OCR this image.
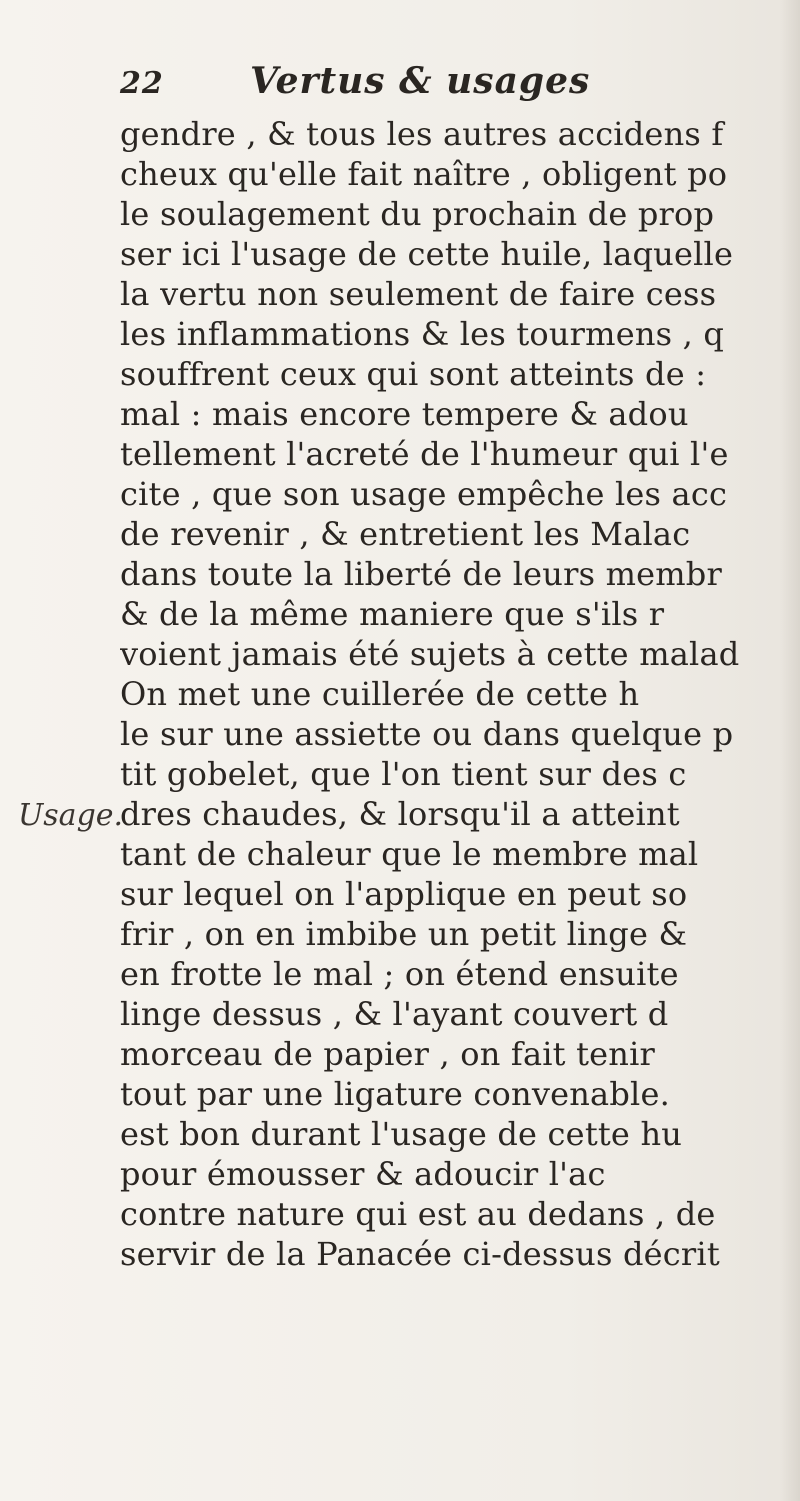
22 Vertus & usages
Usage.
gendre , & tous les autres accidens f
cheux qu'elle fait naître , obligent po
le soulagement du prochain de prop
ser ici l'usage de cette huile, laquelle
la vertu non seulement de faire cess
les inflammations & les tourmens , q
souffrent ceux qui sont atteints de :
mal : mais encore tempere & adou
tellement l'acreté de l'humeur qui l'e
cite , que son usage empêche les acc
de revenir , & entretient les Malac
dans toute la liberté de leurs membr
& de la même maniere que s'ils r
voient jamais été sujets à cette malad
On met une cuillerée de cette h
le sur une assiette ou dans quelque p
tit gobelet, que l'on tient sur des c
dres chaudes, & lorsqu'il a atteint
tant de chaleur que le membre mal
sur lequel on l'applique en peut so
frir , on en imbibe un petit linge &
en frotte le mal ; on étend ensuite
linge dessus , & l'ayant couvert d
morceau de papier , on fait tenir
tout par une ligature convenable.
est bon durant l'usage de cette hu
pour émousser & adoucir l'ac
contre nature qui est au dedans , de
servir de la Panacée ci-dessus décrit
